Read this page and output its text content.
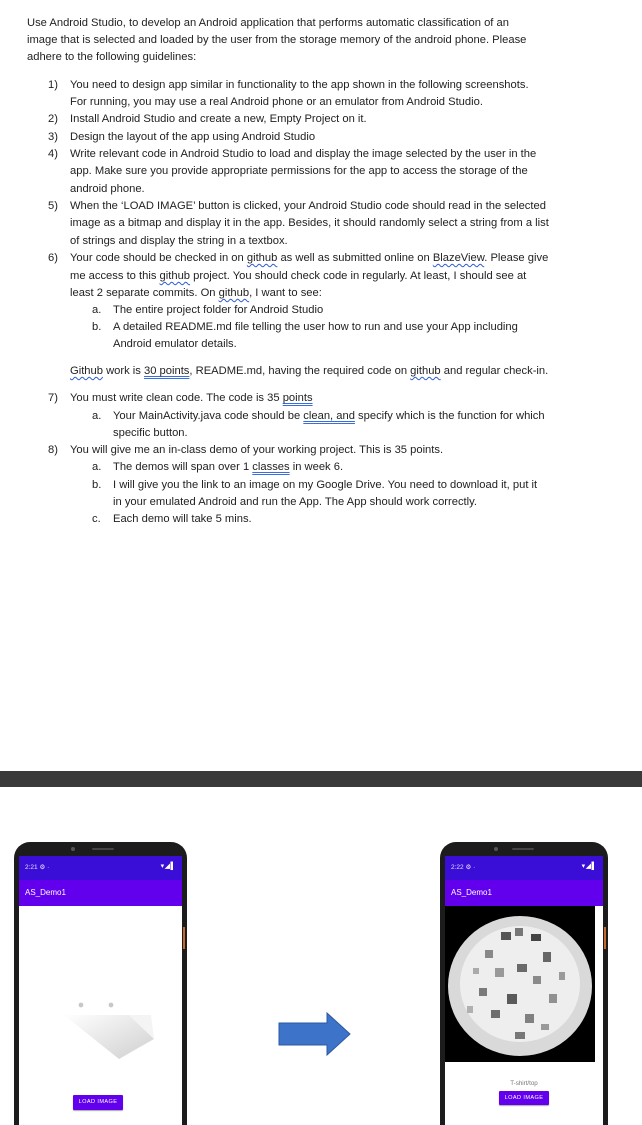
Use Android Studio, to develop an Android application that performs automatic classification of an
image that is selected and loaded by the user from the storage memory of the android phone. Please
adhere to the following guidelines:
1) You need to design app similar in functionality to the app shown in the following screenshots.
For running, you may use a real Android phone or an emulator from Android Studio.
2) Install Android Studio and create a new, Empty Project on it.
3) Design the layout of the app using Android Studio
4) Write relevant code in Android Studio to load and display the image selected by the user in the
app. Make sure you provide appropriate permissions for the app to access the storage of the
android phone.
5) When the ‘LOAD IMAGE’ button is clicked, your Android Studio code should read in the selected
image as a bitmap and display it in the app. Besides, it should randomly select a string from a list
of strings and display the string in a textbox.
6) Your code should be checked in on github as well as submitted online on BlazeView. Please give
me access to this github project. You should check code in regularly. At least, I should see at
least 2 separate commits. On github, I want to see:
a. The entire project folder for Android Studio
b. A detailed README.md file telling the user how to run and use your App including
Android emulator details.
Github work is 30 points, README.md, having the required code on github and regular check-in.
7) You must write clean code. The code is 35 points
a. Your MainActivity.java code should be clean, and specify which is the function for which
specific button.
8) You will give me an in-class demo of your working project. This is 35 points.
a. The demos will span over 1 classes in week 6.
b. I will give you the link to an image on my Google Drive. You need to download it, put it
in your emulated Android and run the App. The App should work correctly.
c. Each demo will take 5 mins.
2:21 ⚙ ·	▾◢▌
AS_Demo1
LOAD IMAGE
2:22 ⚙ ·	▾◢▌
AS_Demo1
T-shirt/top
LOAD IMAGE
